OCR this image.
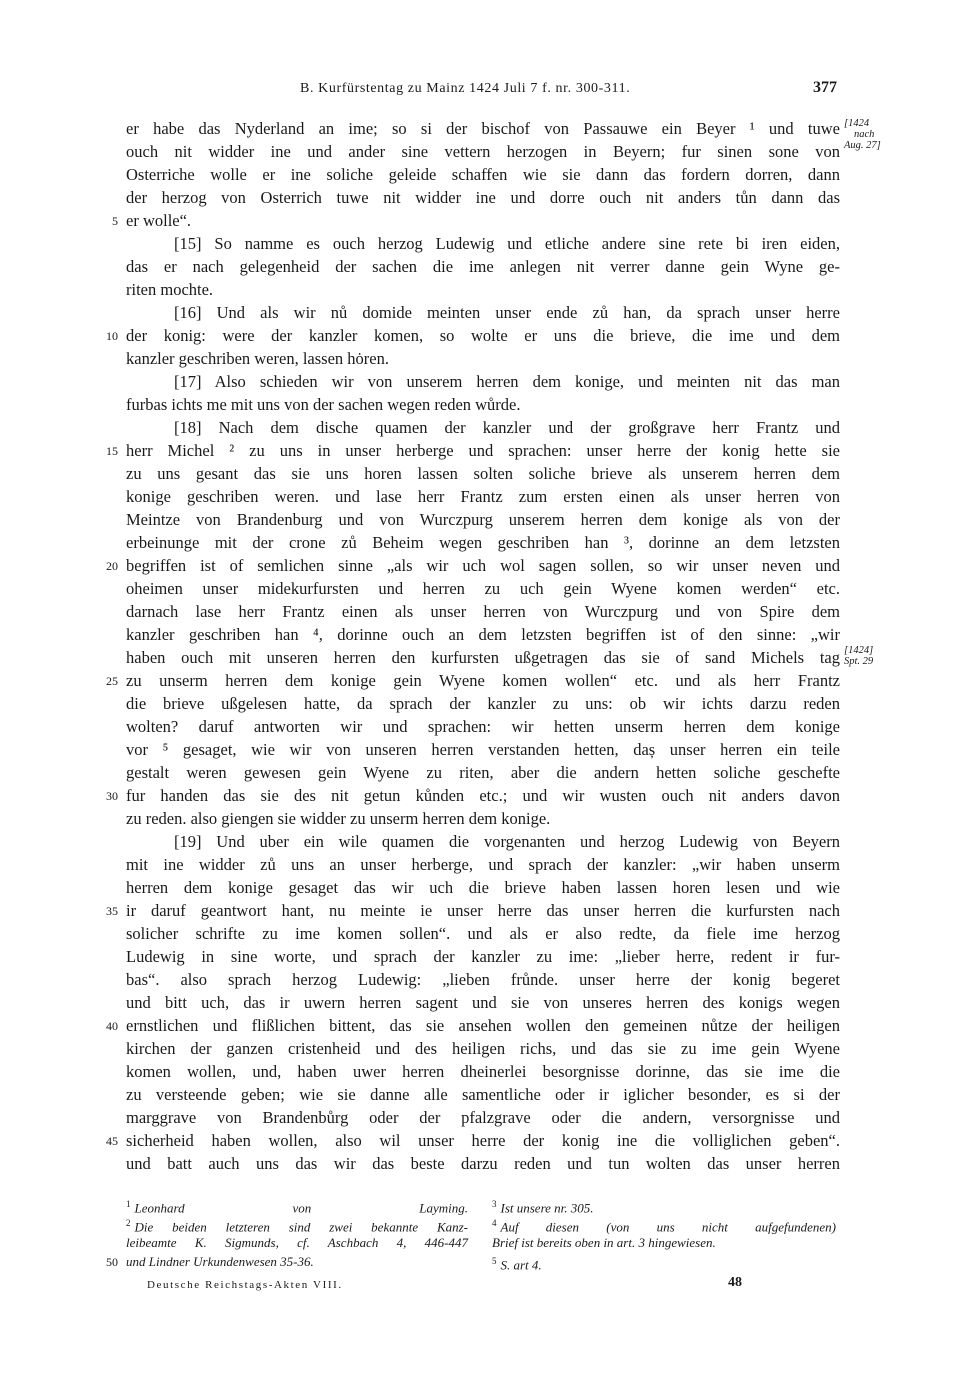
B. Kurfürstentag zu Mainz 1424 Juli 7 f. nr. 300-311.	377
er habe das Nyderland an ime; so si der bischof von Passauwe ein Beyer ¹ und tuwe
ouch nit widder ine und ander sine vettern herzogen in Beyern; fur sinen sone von
Osterriche wolle er ine soliche geleide schaffen wie sie dann das fordern dorren, dann
der herzog von Osterrich tuwe nit widder ine und dorre ouch nit anders tůn dann das
er wolle“.
[15] So namme es ouch herzog Ludewig und etliche andere sine rete bi iren eiden,
das er nach gelegenheid der sachen die ime anlegen nit verrer danne gein Wyne ge-
riten mochte.
[16] Und als wir nů domide meinten unser ende zů han, da sprach unser herre
der konig: were der kanzler komen, so wolte er uns die brieve, die ime und dem
kanzler geschriben weren, lassen hȯren.
[17] Also schieden wir von unserem herren dem konige, und meinten nit das man
furbas ichts me mit uns von der sachen wegen reden wůrde.
[18] Nach dem dische quamen der kanzler und der großgrave herr Frantz und
herr Michel ² zu uns in unser herberge und sprachen: unser herre der konig hette sie
zu uns gesant das sie uns horen lassen solten soliche brieve als unserem herren dem
konige geschriben weren. und lase herr Frantz zum ersten einen als unser herren von
Meintze von Brandenburg und von Wurczpurg unserem herren dem konige als von der
erbeinunge mit der crone zů Beheim wegen geschriben han ³, dorinne an dem letzsten
begriffen ist of semlichen sinne „als wir uch wol sagen sollen, so wir unser neven und
oheimen unser midekurfursten und herren zu uch gein Wyene komen werden“ etc.
darnach lase herr Frantz einen als unser herren von Wurczpurg und von Spire dem
kanzler geschriben han ⁴, dorinne ouch an dem letzsten begriffen ist of den sinne: „wir
haben ouch mit unseren herren den kurfursten ußgetragen das sie of sand Michels tag
zu unserm herren dem konige gein Wyene komen wollen“ etc. und als herr Frantz
die brieve ußgelesen hatte, da sprach der kanzler zu uns: ob wir ichts darzu reden
wolten? daruf antworten wir und sprachen: wir hetten unserm herren dem konige
vor ⁵ gesaget, wie wir von unseren herren verstanden hetten, daș unser herren ein teile
gestalt weren gewesen gein Wyene zu riten, aber die andern hetten soliche geschefte
fur handen das sie des nit getun kůnden etc.; und wir wusten ouch nit anders davon
zu reden. also giengen sie widder zu unserm herren dem konige.
[19] Und uber ein wile quamen die vorgenanten und herzog Ludewig von Beyern
mit ine widder zů uns an unser herberge, und sprach der kanzler: „wir haben unserm
herren dem konige gesaget das wir uch die brieve haben lassen horen lesen und wie
ir daruf geantwort hant, nu meinte ie unser herre das unser herren die kurfursten nach
solicher schrifte zu ime komen sollen“. und als er also redte, da fiele ime herzog
Ludewig in sine worte, und sprach der kanzler zu ime: „lieber herre, redent ir fur-
bas“. also sprach herzog Ludewig: „lieben frůnde. unser herre der konig begeret
und bitt uch, das ir uwern herren sagent und sie von unseres herren des konigs wegen
ernstlichen und flißlichen bittent, das sie ansehen wollen den gemeinen nůtze der heiligen
kirchen der ganzen cristenheid und des heiligen richs, und das sie zu ime gein Wyene
komen wollen, und, haben uwer herren dheinerlei besorgnisse dorinne, das sie ime die
zu versteende geben; wie sie danne alle samentliche oder ir iglicher besonder, es si der
marggrave von Brandenbůrg oder der pfalzgrave oder die andern, versorgnisse und
sicherheid haben wollen, also wil unser herre der konig ine die volliglichen geben“.
und batt auch uns das wir das beste darzu reden und tun wolten das unser herren
5
10
15
20
25
30
35
40
45
50
[1424
nach
Aug. 27]
[1424]
Spt. 29
$^1$ Leonhard von Layming.
$^2$ Die beiden letzteren sind zwei bekannte Kanz-
leibeamte K. Sigmunds, cf. Aschbach 4, 446-447
und Lindner Urkundenwesen 35-36.
$^3$ Ist unsere nr. 305.
$^4$ Auf diesen (von uns nicht aufgefundenen)
Brief ist bereits oben in art. 3 hingewiesen.
$^5$ S. art 4.
Deutsche Reichstags-Akten VIII.	48
